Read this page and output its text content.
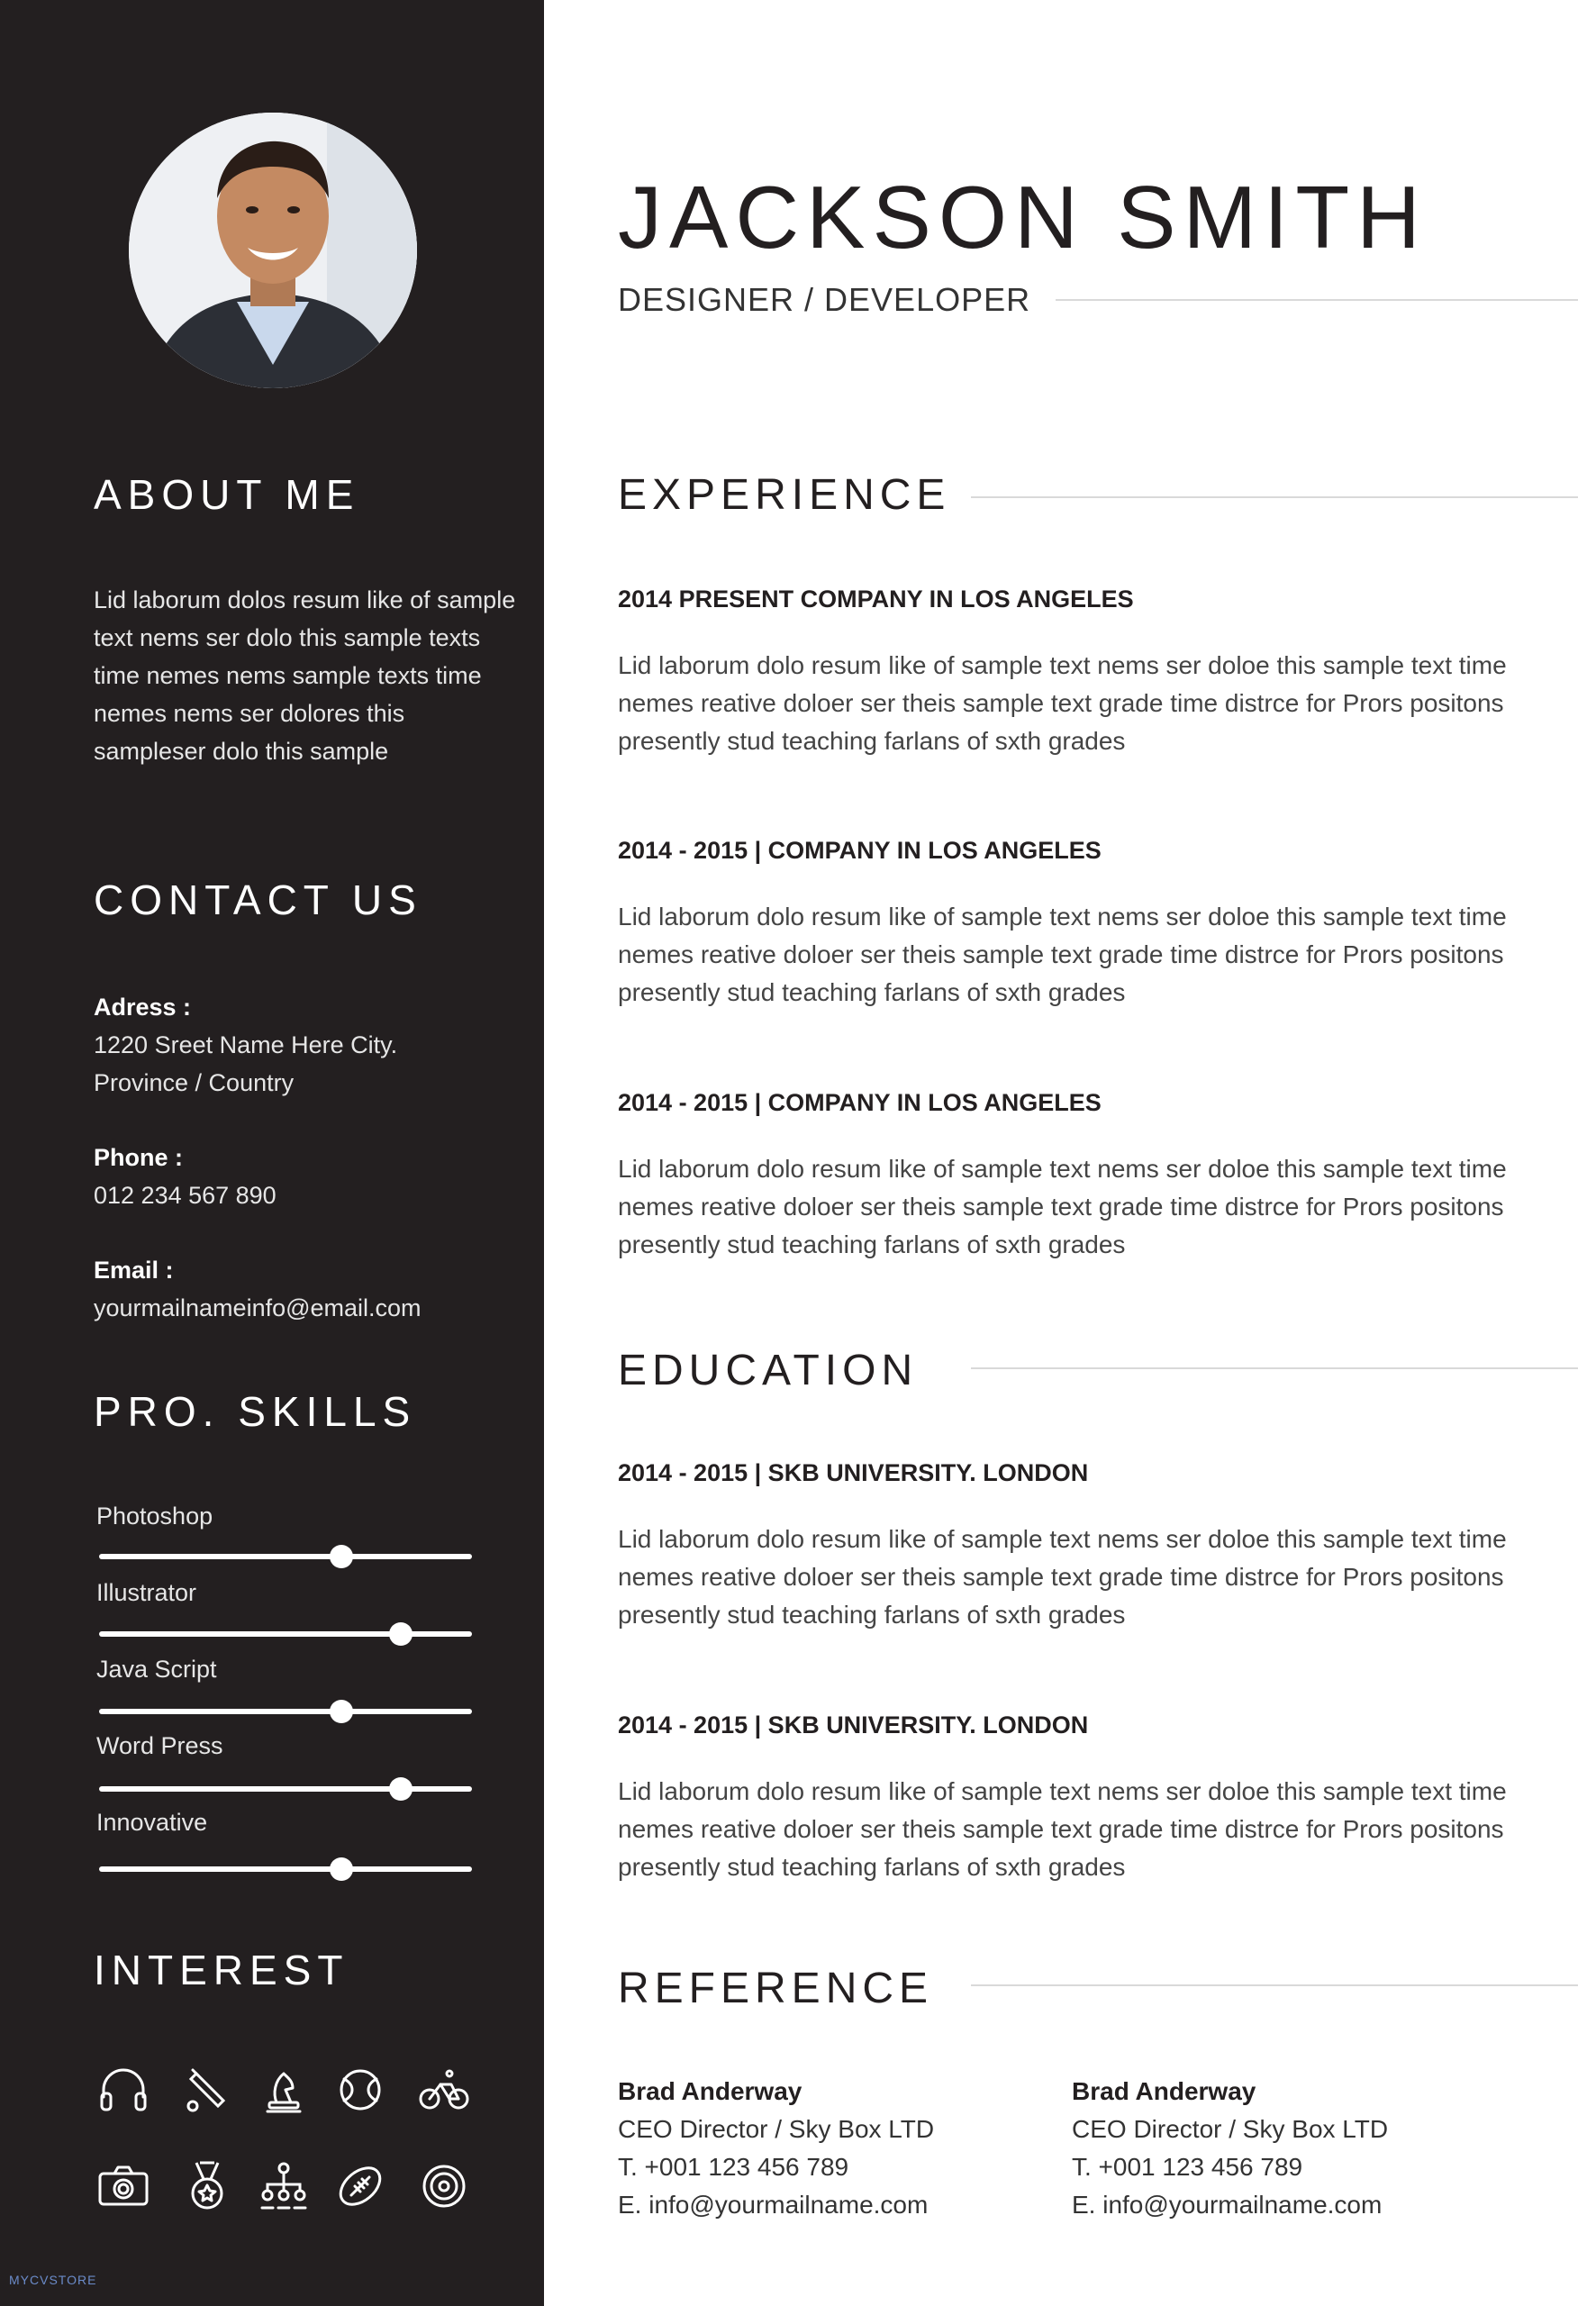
ABOUT ME
Lid laborum dolos resum like of sample text nems ser dolo this sample texts time nemes nems sample texts time nemes nems ser dolores this sampleser dolo this sample
CONTACT US
Adress :
1220 Sreet Name Here City.
Province / Country
Phone :
012 234 567 890
Email :
yourmailnameinfo@email.com
PRO. SKILLS
Photoshop
Illustrator
Java Script
Word Press
Innovative
INTEREST
JACKSON SMITH
DESIGNER / DEVELOPER
EXPERIENCE
2014 PRESENT COMPANY IN LOS ANGELES
Lid laborum dolo resum like of sample text nems ser doloe this sample text time nemes reative doloer ser theis sample text grade time distrce for Prors positons presently stud teaching farlans of sxth grades
2014 - 2015 | COMPANY IN LOS ANGELES
Lid laborum dolo resum like of sample text nems ser doloe this sample text time nemes reative doloer ser theis sample text grade time distrce for Prors positons presently stud teaching farlans of sxth grades
2014 - 2015 | COMPANY IN LOS ANGELES
Lid laborum dolo resum like of sample text nems ser doloe this sample text time nemes reative doloer ser theis sample text grade time distrce for Prors positons presently stud teaching farlans of sxth grades
EDUCATION
2014 - 2015 | SKB UNIVERSITY. LONDON
Lid laborum dolo resum like of sample text nems ser doloe this sample text time nemes reative doloer ser theis sample text grade time distrce for Prors positons presently stud teaching farlans of sxth grades
2014 - 2015 | SKB UNIVERSITY. LONDON
Lid laborum dolo resum like of sample text nems ser doloe this sample text time nemes reative doloer ser theis sample text grade time distrce for Prors positons presently stud teaching farlans of sxth grades
REFERENCE
Brad Anderway
CEO Director / Sky Box LTD
T. +001 123 456 789
E. info@yourmailname.com
Brad Anderway
CEO Director / Sky Box LTD
T. +001 123 456 789
E. info@yourmailname.com
MYCVSTORE
